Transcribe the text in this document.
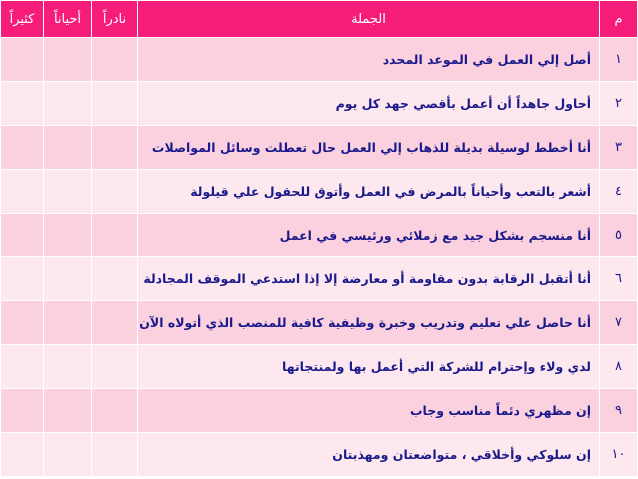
م	الجملة	نادراً	أحياناً	كثيراً
١	أصل إلي العمل في الموعد المحدد			
٢	أحاول جاهداً أن أعمل بأقصي جهد كل يوم			
٣	أنا أخطط لوسيلة بديلة للذهاب إلي العمل حال تعطلت وسائل المواصلات			
٤	أشعر بالتعب وأحياناً بالمرض في العمل وأتوق للحقول علي قيلولة			
٥	أنا منسجم بشكل جيد مع زملائي ورئيسي في اعمل			
٦	أنا أتقبل الرقابة بدون مقاومة أو معارضة إلا إذا استدعي الموقف المجادلة			
٧	أنا حاصل علي تعليم وتدريب وخبرة وظيفية كافية للمنصب الذي أتولاه الآن			
٨	لدي ولاء وإحترام للشركة التي أعمل بها ولمنتجاتها			
٩	إن مظهري دئماً مناسب وجاب			
١٠	إن سلوكي وأخلاقي ، متواضعتان ومهذبتان			
